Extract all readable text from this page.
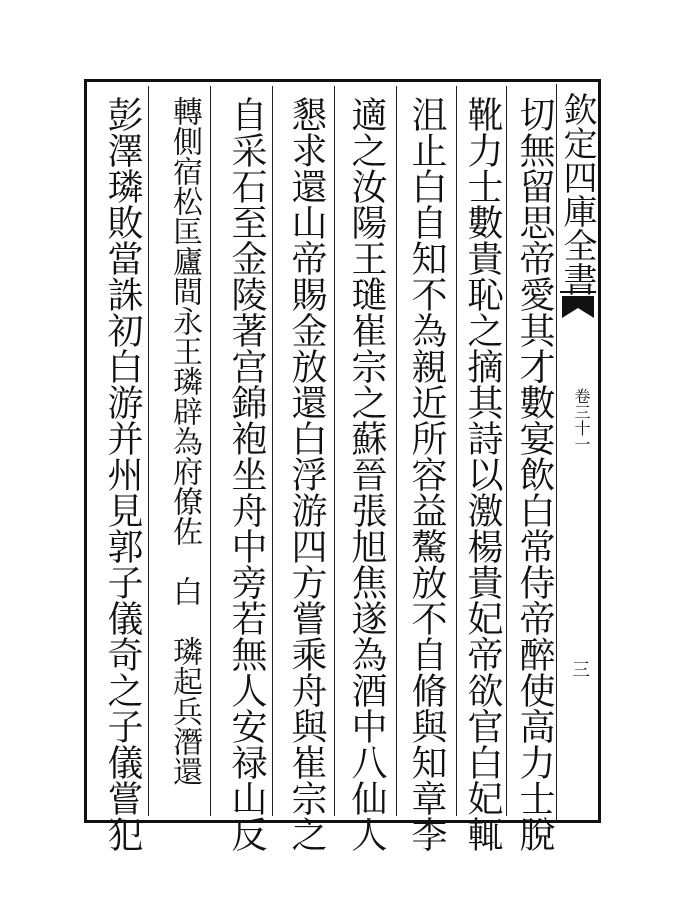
欽定四庫全書
卷三十一
三
切無留思帝愛其才數宴飲白常侍帝醉使高力士脫
靴力士數貴恥之摘其詩以激楊貴妃帝欲官白妃輒
沮止白自知不為親近所容益驁放不自脩與知章李
適之汝陽王璡崔宗之蘇晉張旭焦遂為酒中八仙人
懇求還山帝賜金放還白浮游四方嘗乘舟與崔宗之
自采石至金陵著宫錦袍坐舟中旁若無人安禄山反
轉側宿松匡廬間永王璘辟為府僚佐　白　璘起兵潛還
彭澤璘敗當誅初白游并州見郭子儀奇之子儀嘗犯
